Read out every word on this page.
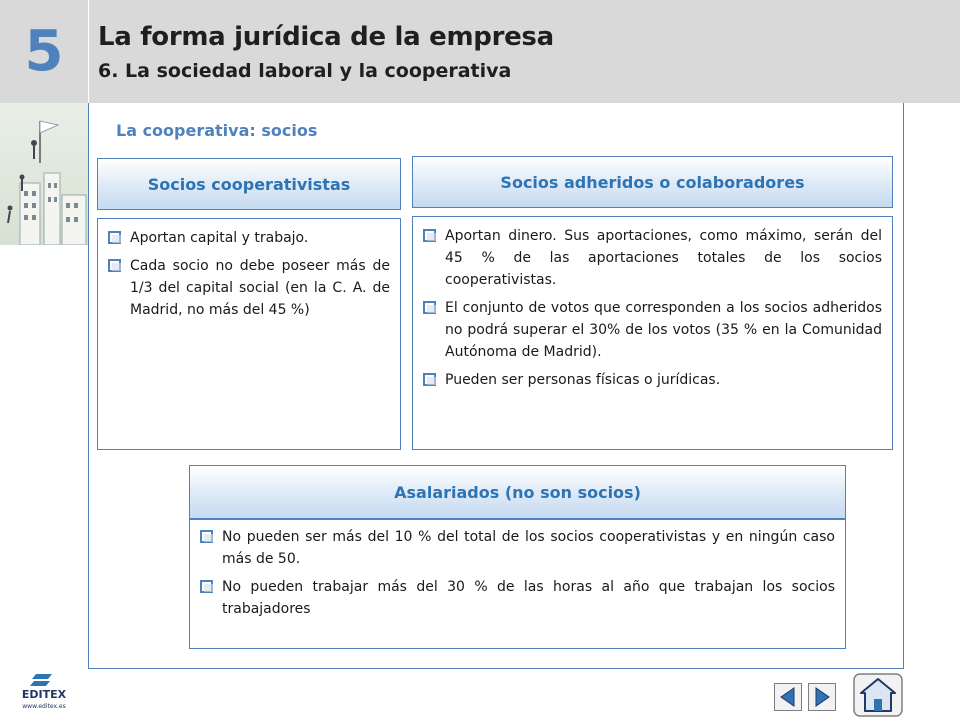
5	La forma jurídica de la empresa
6. La sociedad laboral y la cooperativa
La cooperativa: socios
Socios cooperativistas
Aportan capital y trabajo.
Cada socio no debe poseer más de 1/3 del capital social (en la C. A. de Madrid, no más del 45 %)
Socios adheridos o colaboradores
Aportan dinero. Sus aportaciones, como máximo, serán del 45 % de las aportaciones totales de los socios cooperativistas.
El conjunto de votos que corresponden a los socios adheridos no podrá superar el 30% de los votos (35 % en la Comunidad Autónoma de Madrid).
Pueden ser personas físicas o jurídicas.
Asalariados (no son socios)
No pueden ser más del 10 % del total de los socios cooperativistas y en ningún caso más de 50.
No pueden trabajar más del 30 % de las horas al año que trabajan los socios trabajadores
EDITEX
www.editex.es
